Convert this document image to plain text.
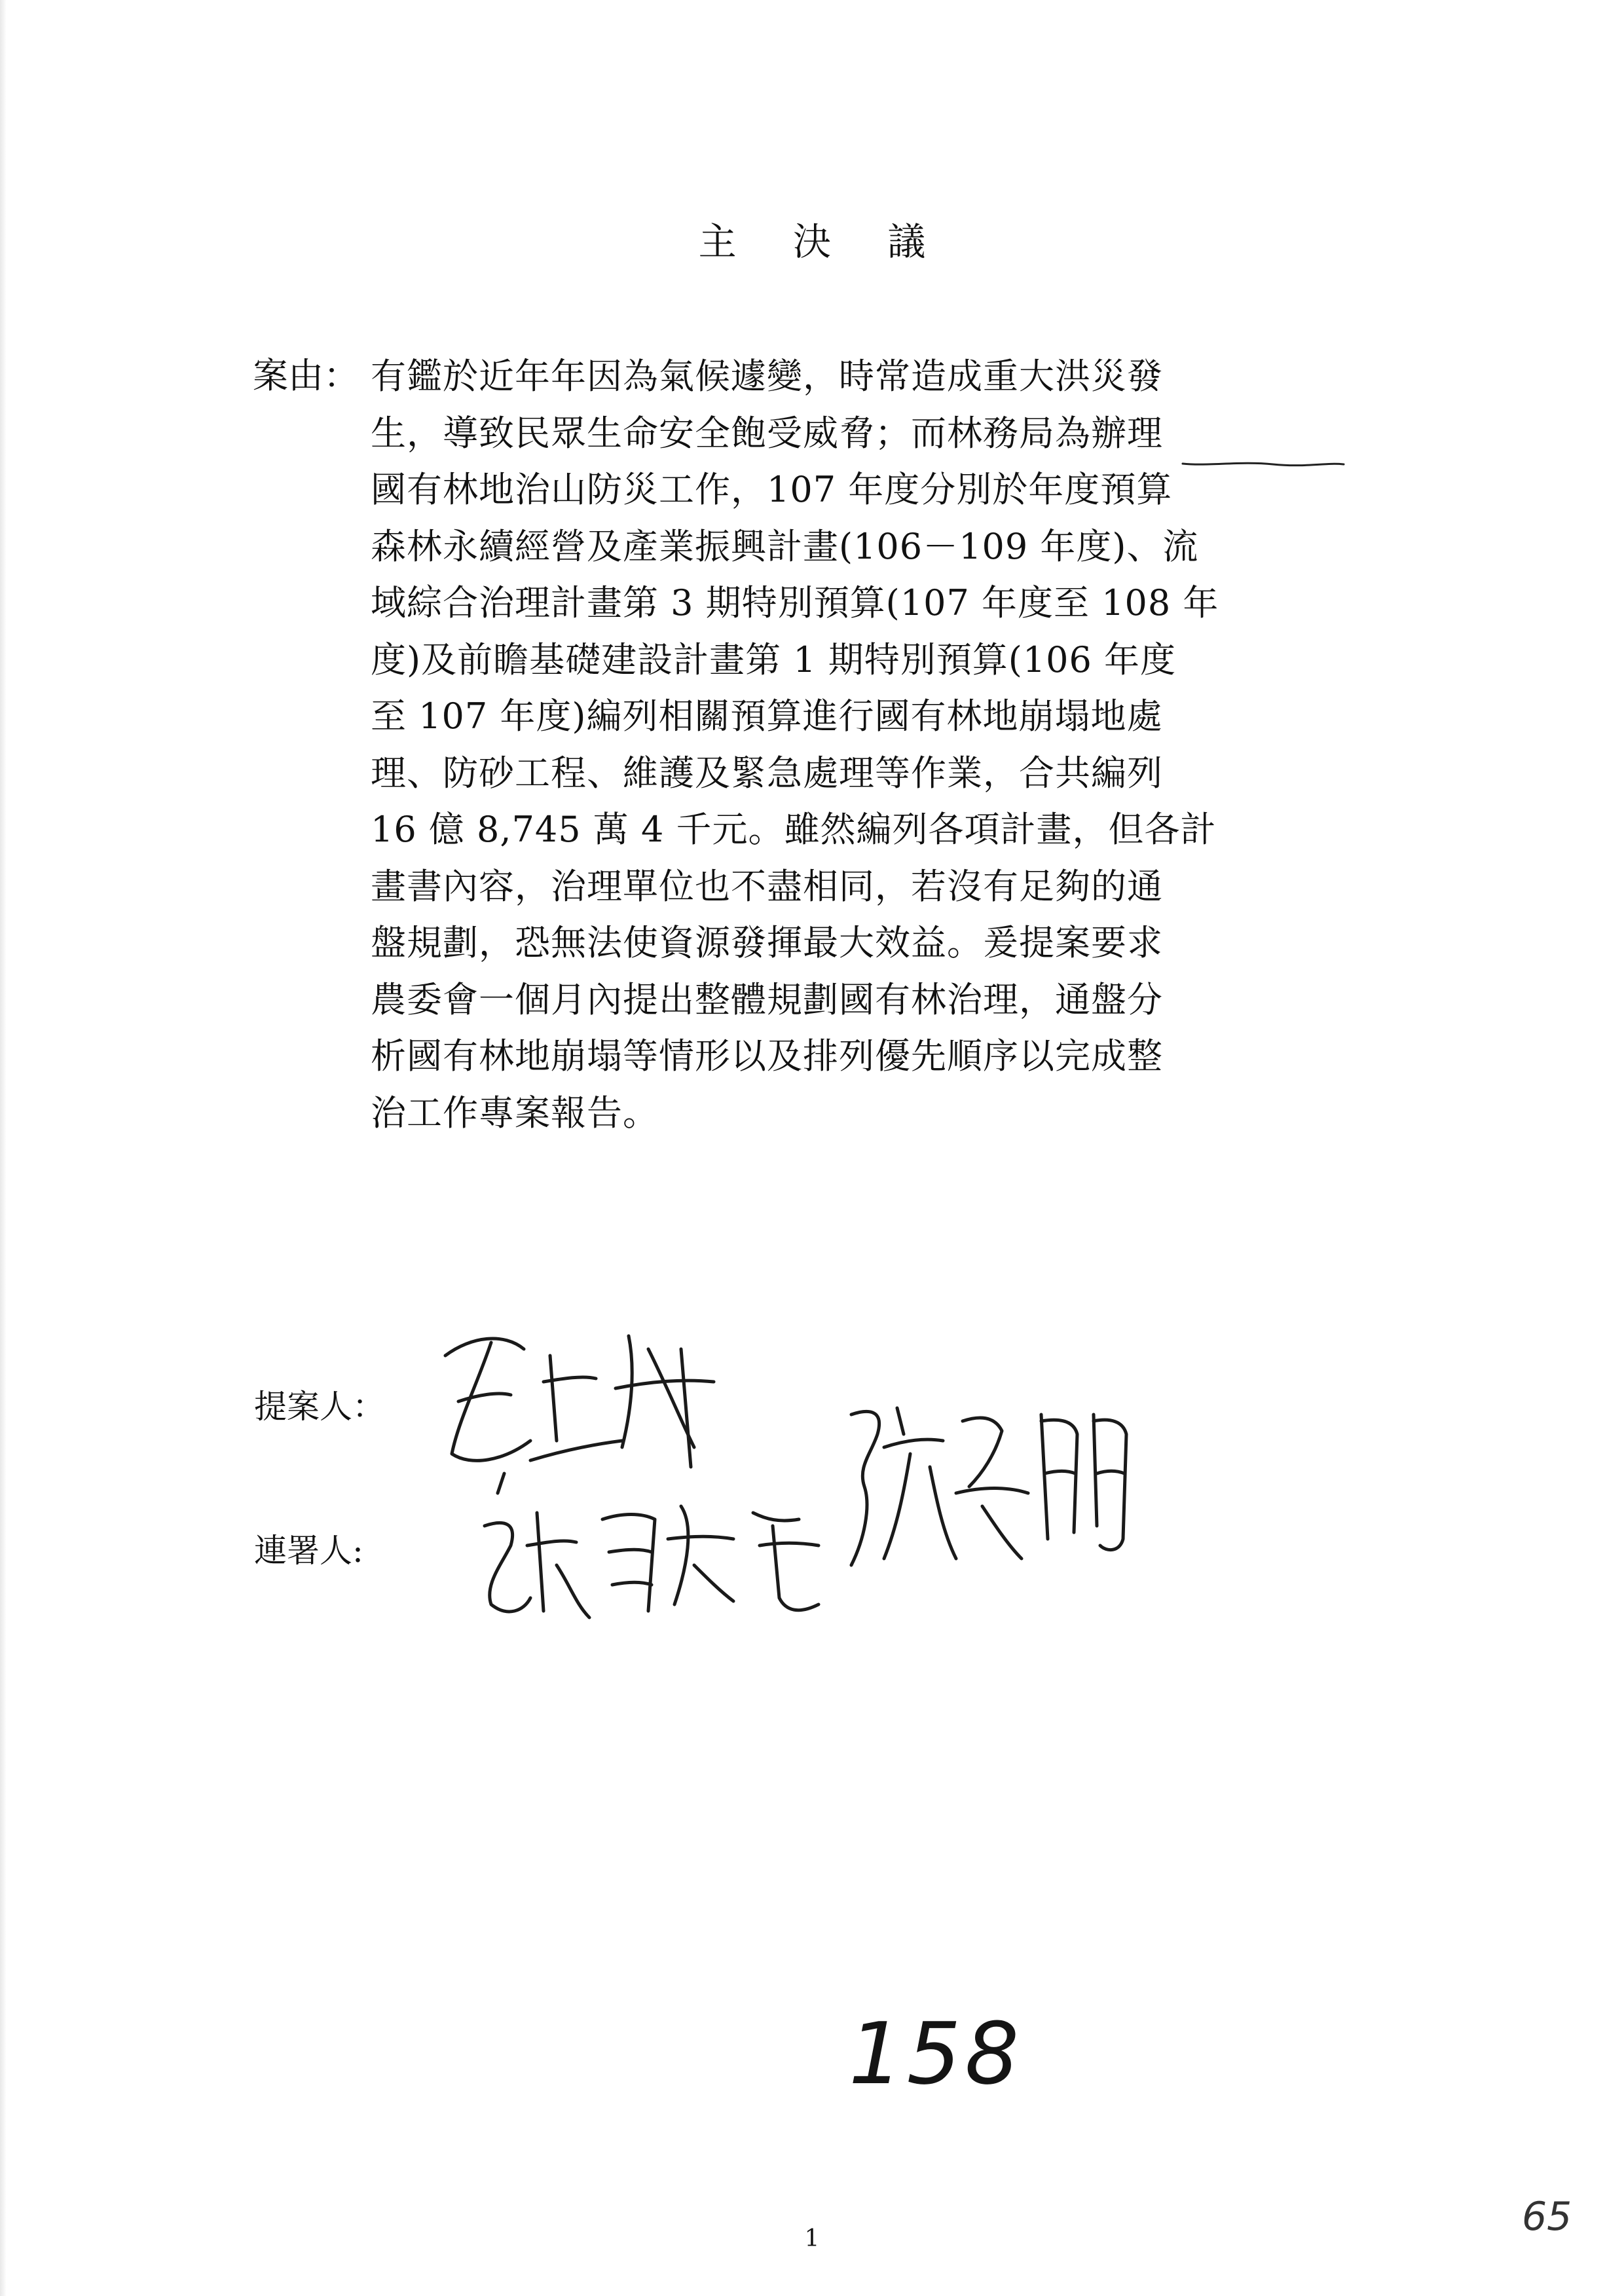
主 決 議
案由： 有鑑於近年年因為氣候遽變，時常造成重大洪災發
生，導致民眾生命安全飽受威脅；而林務局為辦理
國有林地治山防災工作，107 年度分別於年度預算
森林永續經營及產業振興計畫(106－109 年度)、流
域綜合治理計畫第 3 期特別預算(107 年度至 108 年
度)及前瞻基礎建設計畫第 1 期特別預算(106 年度
至 107 年度)編列相關預算進行國有林地崩塌地處
理、防砂工程、維護及緊急處理等作業，合共編列
16 億 8,745 萬 4 千元。雖然編列各項計畫，但各計
畫書內容，治理單位也不盡相同，若沒有足夠的通
盤規劃，恐無法使資源發揮最大效益。爰提案要求
農委會一個月內提出整體規劃國有林治理，通盤分
析國有林地崩塌等情形以及排列優先順序以完成整
治工作專案報告。
提案人：
連署人:
158
1	65
